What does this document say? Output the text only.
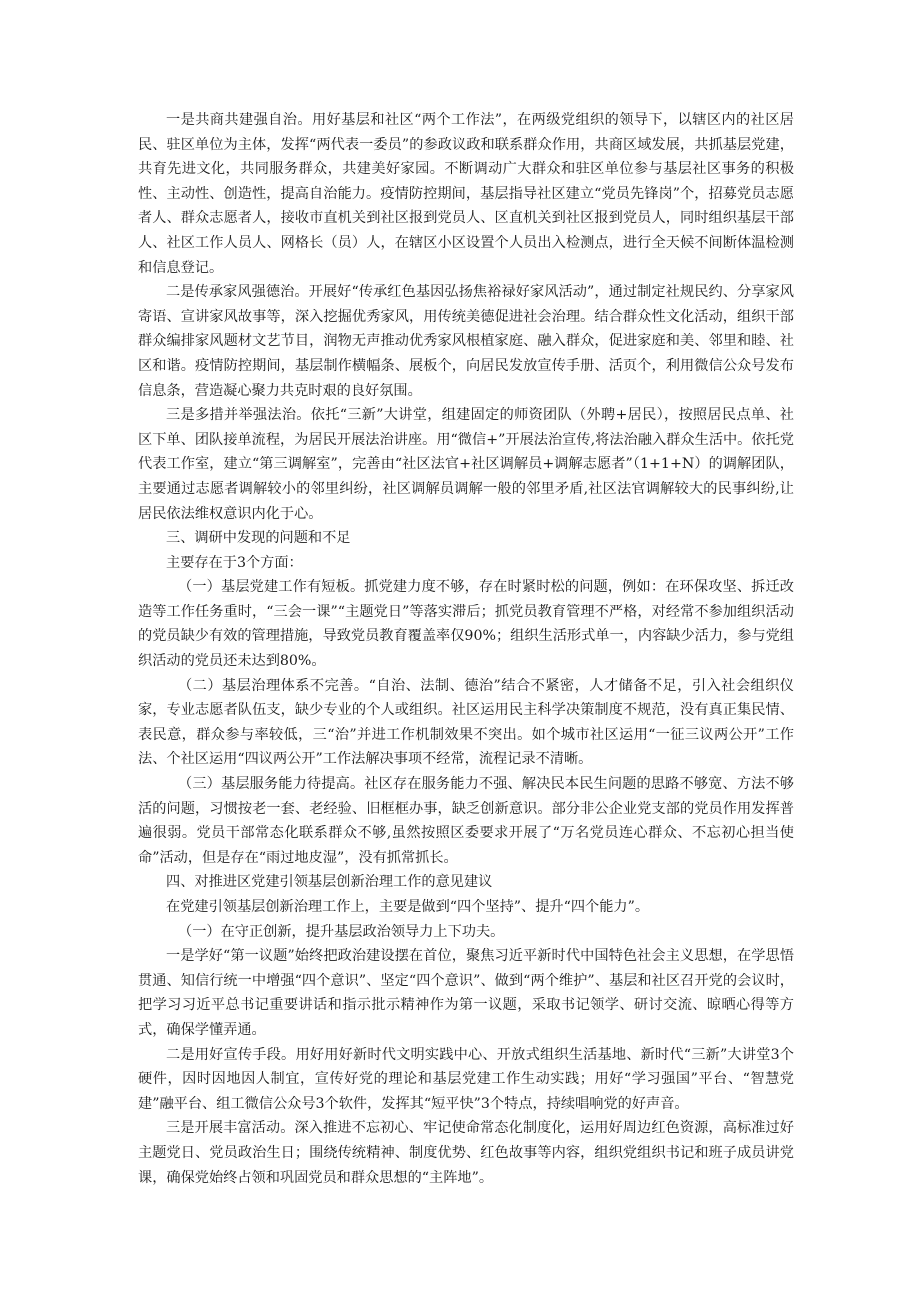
一是共商共建强自治。用好基层和社区“两个工作法”，在两级党组织的领导下，以辖区内的社区居民、驻区单位为主体，发挥“两代表一委员”的参政议政和联系群众作用，共商区域发展，共抓基层党建，共育先进文化，共同服务群众，共建美好家园。不断调动广大群众和驻区单位参与基层社区事务的积极性、主动性、创造性，提高自治能力。疫情防控期间，基层指导社区建立“党员先锋岗”个，招募党员志愿者人、群众志愿者人，接收市直机关到社区报到党员人、区直机关到社区报到党员人，同时组织基层干部人、社区工作人员人、网格长（员）人，在辖区小区设置个人员出入检测点，进行全天候不间断体温检测和信息登记。

二是传承家风强德治。开展好“传承红色基因弘扬焦裕禄好家风活动”，通过制定社规民约、分享家风寄语、宣讲家风故事等，深入挖掘优秀家风，用传统美德促进社会治理。结合群众性文化活动，组织干部群众编排家风题材文艺节目，润物无声推动优秀家风根植家庭、融入群众，促进家庭和美、邻里和睦、社区和谐。疫情防控期间，基层制作横幅条、展板个，向居民发放宣传手册、活页个，利用微信公众号发布信息条，营造凝心聚力共克时艰的良好氛围。

三是多措并举强法治。依托“三新”大讲堂，组建固定的师资团队（外聘+居民），按照居民点单、社区下单、团队接单流程，为居民开展法治讲座。用“微信+”开展法治宣传,将法治融入群众生活中。依托党代表工作室，建立“第三调解室”，完善由“社区法官+社区调解员+调解志愿者”（1+1+N）的调解团队，主要通过志愿者调解较小的邻里纠纷，社区调解员调解一般的邻里矛盾,社区法官调解较大的民事纠纷,让居民依法维权意识内化于心。

三、调研中发现的问题和不足

主要存在于3个方面：

（一）基层党建工作有短板。抓党建力度不够，存在时紧时松的问题，例如：在环保攻坚、拆迁改造等工作任务重时，“三会一课”“主题党日”等落实滞后；抓党员教育管理不严格，对经常不参加组织活动的党员缺少有效的管理措施，导致党员教育覆盖率仅90%；组织生活形式单一，内容缺少活力，参与党组织活动的党员还未达到80%。

（二）基层治理体系不完善。“自治、法制、德治”结合不紧密，人才储备不足，引入社会组织仪家，专业志愿者队伍支，缺少专业的个人或组织。社区运用民主科学决策制度不规范，没有真正集民情、表民意，群众参与率较低，三“治”并进工作机制效果不突出。如个城市社区运用“一征三议两公开”工作法、个社区运用“四议两公开”工作法解决事项不经常，流程记录不清晰。

（三）基层服务能力待提高。社区存在服务能力不强、解决民本民生问题的思路不够宽、方法不够活的问题，习惯按老一套、老经验、旧框框办事，缺乏创新意识。部分非公企业党支部的党员作用发挥普遍很弱。党员干部常态化联系群众不够,虽然按照区委要求开展了“万名党员连心群众、不忘初心担当使命”活动，但是存在“雨过地皮湿”，没有抓常抓长。

四、对推进区党建引领基层创新治理工作的意见建议

在党建引领基层创新治理工作上，主要是做到“四个坚持”、提升“四个能力”。

（一）在守正创新，提升基层政治领导力上下功夫。

一是学好“第一议题”始终把政治建设摆在首位，聚焦习近平新时代中国特色社会主义思想，在学思悟贯通、知信行统一中增强“四个意识”、坚定“四个意识”、做到“两个维护”、基层和社区召开党的会议时，把学习习近平总书记重要讲话和指示批示精神作为第一议题，采取书记领学、研讨交流、晾晒心得等方式，确保学懂弄通。

二是用好宣传手段。用好用好新时代文明实践中心、开放式组织生活基地、新时代“三新”大讲堂3个硬件，因时因地因人制宜，宣传好党的理论和基层党建工作生动实践；用好“学习强国”平台、“智慧党建”融平台、组工微信公众号3个软件，发挥其“短平快”3个特点，持续唱响党的好声音。

三是开展丰富活动。深入推进不忘初心、牢记使命常态化制度化，运用好周边红色资源，高标准过好主题党日、党员政治生日；围绕传统精神、制度优势、红色故事等内容，组织党组织书记和班子成员讲党课，确保党始终占领和巩固党员和群众思想的“主阵地”。
